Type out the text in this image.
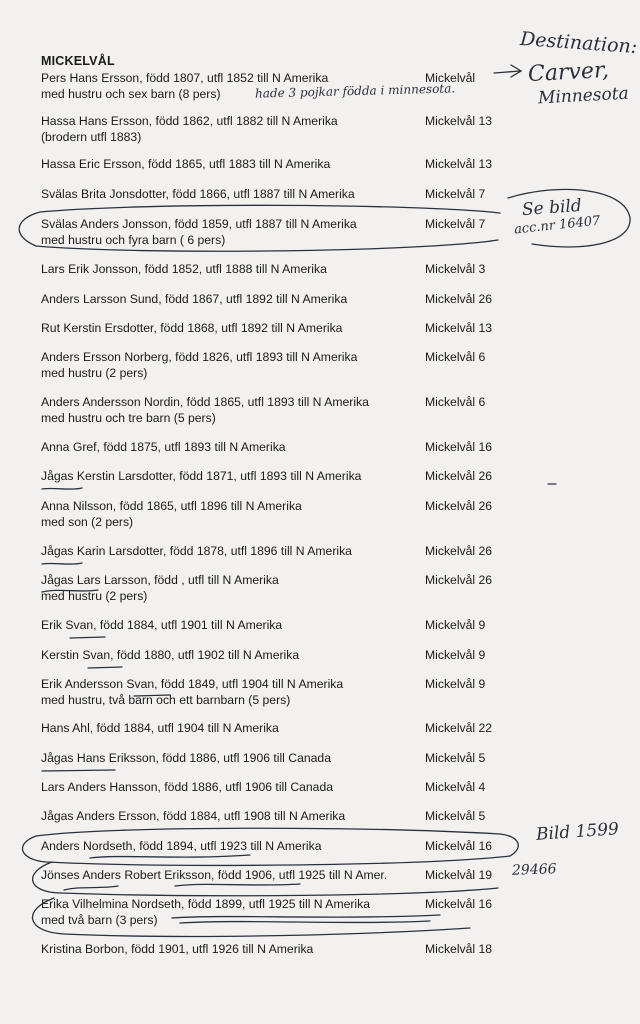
MICKELVÅL
Pers Hans Ersson, född 1807, utfl 1852 till N Amerika
med hustru och sex barn (8 pers)
Mickelvål
Hassa Hans Ersson, född 1862, utfl 1882 till N Amerika
(brodern utfl 1883)
Mickelvål 13
Hassa Eric Ersson, född 1865, utfl 1883 till N Amerika	Mickelvål 13
Svälas Brita Jonsdotter, född 1866, utfl 1887 till N Amerika	Mickelvål 7
Svälas Anders Jonsson, född 1859, utfl 1887 till N Amerika
med hustru och fyra barn ( 6 pers)
Mickelvål 7
Lars Erik Jonsson, född 1852, utfl 1888 till N Amerika	Mickelvål 3
Anders Larsson Sund, född 1867, utfl 1892 till N Amerika	Mickelvål 26
Rut Kerstin Ersdotter, född 1868, utfl 1892 till N Amerika	Mickelvål 13
Anders Ersson Norberg, född 1826, utfl 1893 till N Amerika
med hustru (2 pers)
Mickelvål 6
Anders Andersson Nordin, född 1865, utfl 1893 till N Amerika
med hustru och tre barn (5 pers)
Mickelvål 6
Anna Gref, född 1875, utfl 1893 till N Amerika	Mickelvål 16
Jågas Kerstin Larsdotter, född 1871, utfl 1893 till N Amerika	Mickelvål 26
Anna Nilsson, född 1865, utfl 1896 till N Amerika
med son (2 pers)
Mickelvål 26
Jågas Karin Larsdotter, född 1878, utfl 1896 till N Amerika	Mickelvål 26
Jågas Lars Larsson, född , utfl till N Amerika
med hustru (2 pers)
Mickelvål 26
Erik Svan, född 1884, utfl 1901 till N Amerika	Mickelvål 9
Kerstin Svan, född 1880, utfl 1902 till N Amerika	Mickelvål 9
Erik Andersson Svan, född 1849, utfl 1904 till N Amerika
med hustru, två barn och ett barnbarn (5 pers)
Mickelvål 9
Hans Ahl, född 1884, utfl 1904 till N Amerika	Mickelvål 22
Jågas Hans Eriksson, född 1886, utfl 1906 till Canada	Mickelvål 5
Lars Anders Hansson, född 1886, utfl 1906 till Canada	Mickelvål 4
Jågas Anders Ersson, född 1884, utfl 1908 till N Amerika	Mickelvål 5
Anders Nordseth, född 1894, utfl 1923 till N Amerika	Mickelvål 16
Jönses Anders Robert Eriksson, född 1906, utfl 1925 till N Amer.	Mickelvål 19
Erika Vilhelmina Nordseth, född 1899, utfl 1925 till N Amerika
med två barn (3 pers)
Mickelvål 16
Kristina Borbon, född 1901, utfl 1926 till N Amerika	Mickelvål 18
Destination:
Carver,
Minnesota
hade 3 pojkar födda i minnesota.
Se bild
acc.nr 16407
Bild 1599
29466
